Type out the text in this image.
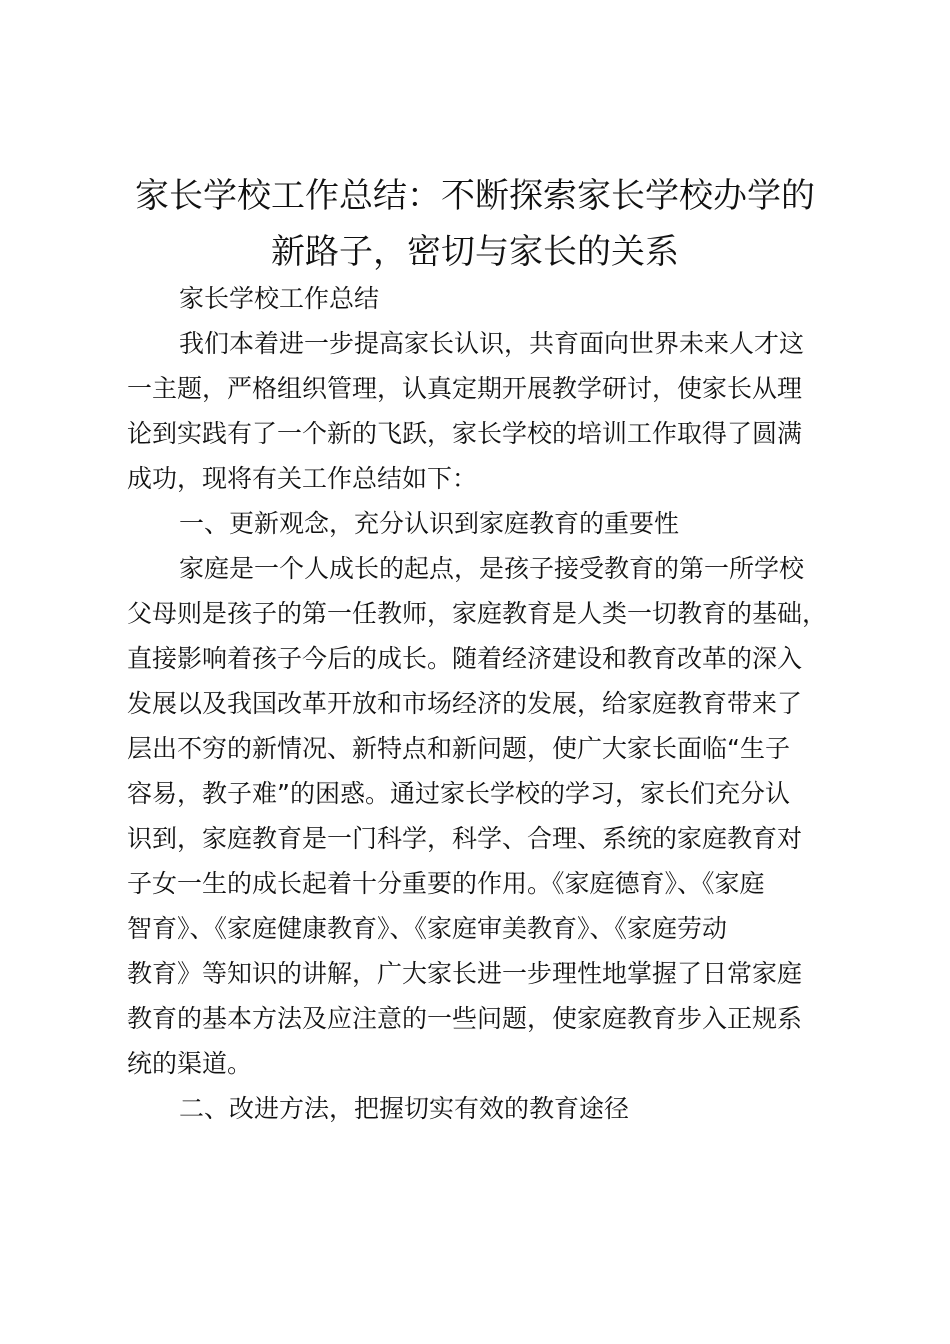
家长学校工作总结：不断探索家长学校办学的
新路子，密切与家长的关系
家长学校工作总结
我们本着进一步提高家长认识，共育面向世界未来人才这
一主题，严格组织管理，认真定期开展教学研讨，使家长从理
论到实践有了一个新的飞跃，家长学校的培训工作取得了圆满
成功，现将有关工作总结如下：
一、更新观念，充分认识到家庭教育的重要性
家庭是一个人成长的起点，是孩子接受教育的第一所学校
父母则是孩子的第一任教师，家庭教育是人类一切教育的基础，
直接影响着孩子今后的成长。随着经济建设和教育改革的深入
发展以及我国改革开放和市场经济的发展，给家庭教育带来了
层出不穷的新情况、新特点和新问题，使广大家长面临“生子
容易，教子难”的困惑。通过家长学校的学习，家长们充分认
识到，家庭教育是一门科学，科学、合理、系统的家庭教育对
子女一生的成长起着十分重要的作用。《家庭德育》、《家庭
智育》、《家庭健康教育》、《家庭审美教育》、《家庭劳动
教育》等知识的讲解，广大家长进一步理性地掌握了日常家庭
教育的基本方法及应注意的一些问题，使家庭教育步入正规系
统的渠道。
二、改进方法，把握切实有效的教育途径
